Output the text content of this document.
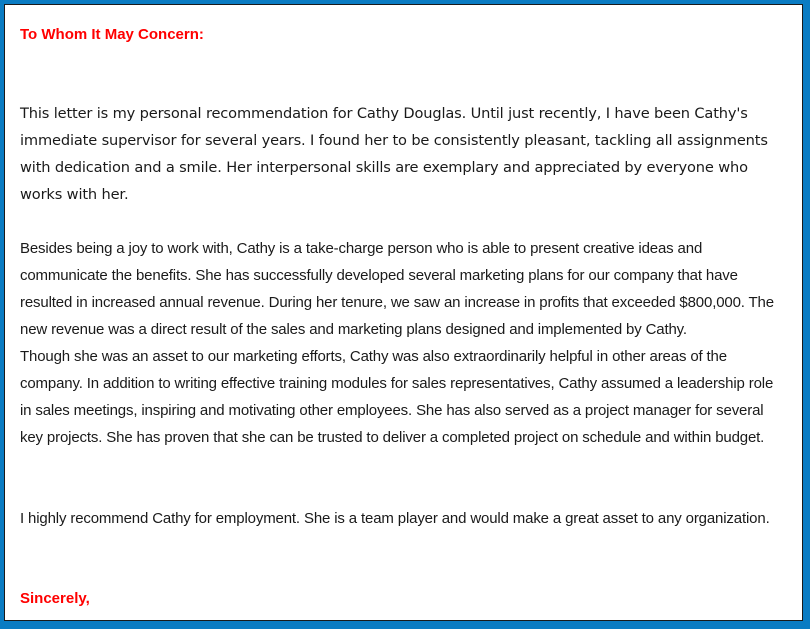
To Whom It May Concern:

This letter is my personal recommendation for Cathy Douglas. Until just recently, I have been Cathy's immediate supervisor for several years. I found her to be consistently pleasant, tackling all assignments with dedication and a smile. Her interpersonal skills are exemplary and appreciated by everyone who works with her.

Besides being a joy to work with, Cathy is a take-charge person who is able to present creative ideas and communicate the benefits. She has successfully developed several marketing plans for our company that have resulted in increased annual revenue. During her tenure, we saw an increase in profits that exceeded $800,000. The new revenue was a direct result of the sales and marketing plans designed and implemented by Cathy.

Though she was an asset to our marketing efforts, Cathy was also extraordinarily helpful in other areas of the company. In addition to writing effective training modules for sales representatives, Cathy assumed a leadership role in sales meetings, inspiring and motivating other employees. She has also served as a project manager for several key projects. She has proven that she can be trusted to deliver a completed project on schedule and within budget.

I highly recommend Cathy for employment. She is a team player and would make a great asset to any organization.

Sincerely,
